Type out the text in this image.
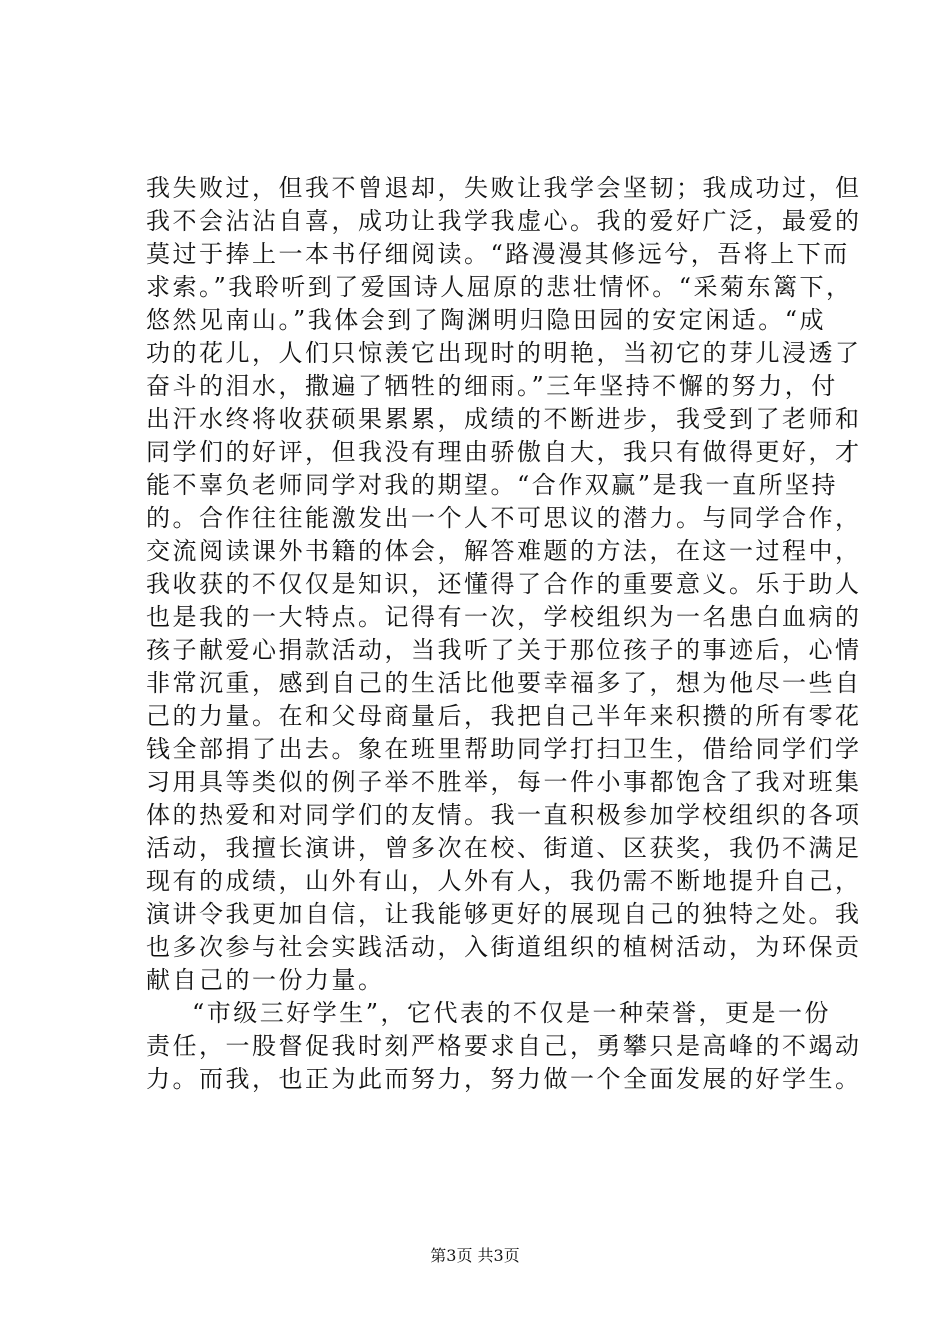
我失败过，但我不曾退却，失败让我学会坚韧；我成功过，但
我不会沾沾自喜，成功让我学我虚心。我的爱好广泛，最爱的
莫过于捧上一本书仔细阅读。“路漫漫其修远兮，吾将上下而
求索。”我聆听到了爱国诗人屈原的悲壮情怀。“采菊东篱下，
悠然见南山。”我体会到了陶渊明归隐田园的安定闲适。“成
功的花儿，人们只惊羡它出现时的明艳，当初它的芽儿浸透了
奋斗的泪水，撒遍了牺牲的细雨。”三年坚持不懈的努力，付
出汗水终将收获硕果累累，成绩的不断进步，我受到了老师和
同学们的好评，但我没有理由骄傲自大，我只有做得更好，才
能不辜负老师同学对我的期望。“合作双赢”是我一直所坚持
的。合作往往能激发出一个人不可思议的潜力。与同学合作，
交流阅读课外书籍的体会，解答难题的方法，在这一过程中，
我收获的不仅仅是知识，还懂得了合作的重要意义。乐于助人
也是我的一大特点。记得有一次，学校组织为一名患白血病的
孩子献爱心捐款活动，当我听了关于那位孩子的事迹后，心情
非常沉重，感到自己的生活比他要幸福多了，想为他尽一些自
己的力量。在和父母商量后，我把自己半年来积攒的所有零花
钱全部捐了出去。象在班里帮助同学打扫卫生，借给同学们学
习用具等类似的例子举不胜举，每一件小事都饱含了我对班集
体的热爱和对同学们的友情。我一直积极参加学校组织的各项
活动，我擅长演讲，曾多次在校、街道、区获奖，我仍不满足
现有的成绩，山外有山，人外有人，我仍需不断地提升自己，
演讲令我更加自信，让我能够更好的展现自己的独特之处。我
也多次参与社会实践活动，入街道组织的植树活动，为环保贡
献自己的一份力量。
“市级三好学生”，它代表的不仅是一种荣誉，更是一份
责任，一股督促我时刻严格要求自己，勇攀只是高峰的不竭动
力。而我，也正为此而努力，努力做一个全面发展的好学生。
第3页 共3页
